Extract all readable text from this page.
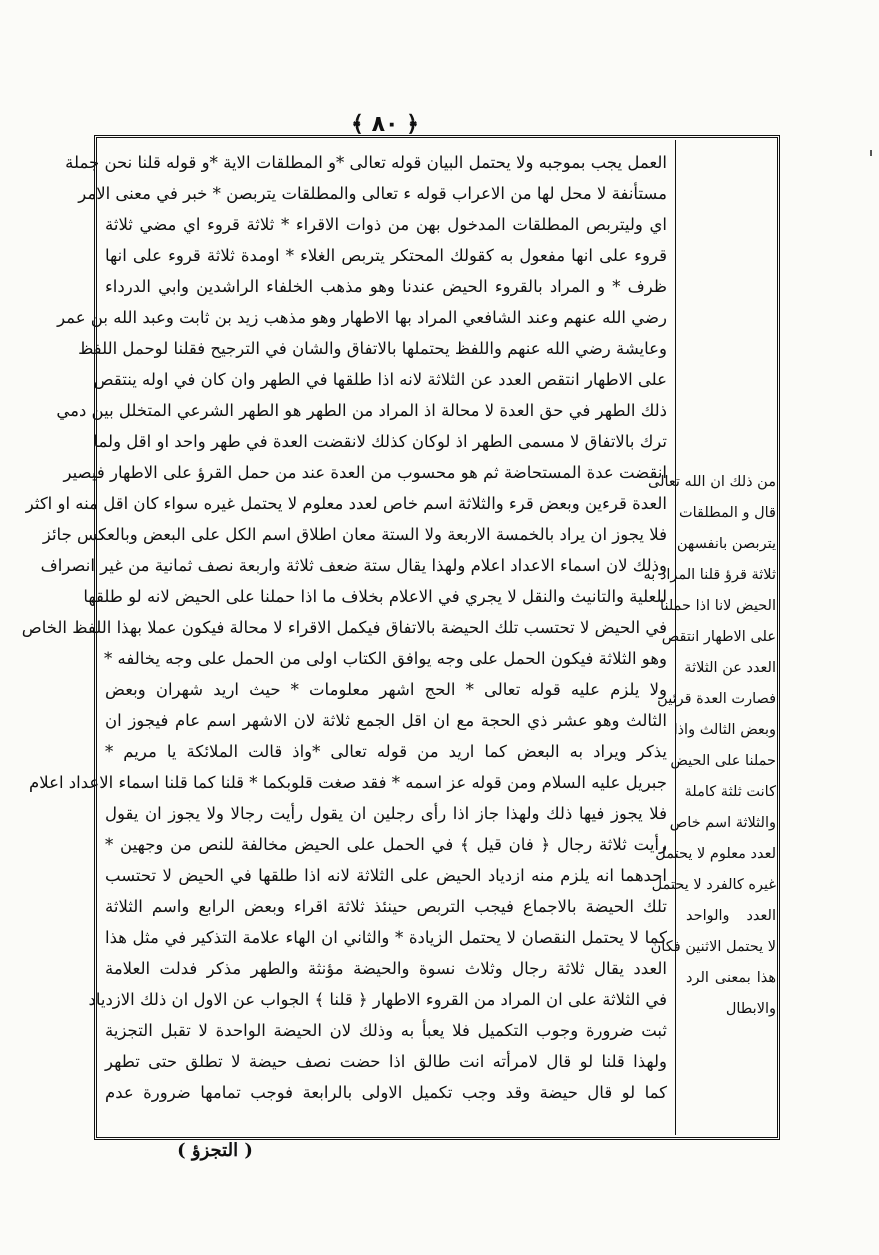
﴿ ٨٠ ﴾
العمل يجب بموجبه ولا يحتمل البيان قوله تعالى *و المطلقات الاية *و قوله قلنا نحن جملة
مستأنفة لا محل لها من الاعراب قوله ء تعالى والمطلقات يتربصن * خبر في معنى الامر
اي وليتربص المطلقات المدخول بهن من ذوات الاقراء * ثلاثة قروء اي مضي ثلاثة
قروء على انها مفعول به كقولك المحتكر يتربص الغلاء * اومدة ثلاثة قروء على انها
ظرف * و المراد بالقروء الحيض عندنا وهو مذهب الخلفاء الراشدين وابي الدرداء
رضي الله عنهم وعند الشافعي المراد بها الاطهار وهو مذهب زيد بن ثابت وعبد الله بن عمر
وعايشة رضي الله عنهم واللفظ يحتملها بالاتفاق والشان في الترجيح فقلنا لوحمل اللفظ
على الاطهار انتقص العدد عن الثلاثة لانه اذا طلقها في الطهر وان كان في اوله ينتقص
ذلك الطهر في حق العدة لا محالة اذ المراد من الطهر هو الطهر الشرعي المتخلل بين دمي
ترك بالاتفاق لا مسمى الطهر اذ لوكان كذلك لانقضت العدة في طهر واحد او اقل ولما
انقضت عدة المستحاضة ثم هو محسوب من العدة عند من حمل القرؤ على الاطهار فيصير
العدة قرءين وبعض قرء والثلاثة اسم خاص لعدد معلوم لا يحتمل غيره سواء كان اقل منه او اكثر
فلا يجوز ان يراد بالخمسة الاربعة ولا الستة معان اطلاق اسم الكل على البعض وبالعكس جائز
وذلك لان اسماء الاعداد اعلام ولهذا يقال ستة ضعف ثلاثة واربعة نصف ثمانية من غير انصراف
للعلية والتانيث والنقل لا يجري في الاعلام بخلاف ما اذا حملنا على الحيض لانه لو طلقها
في الحيض لا تحتسب تلك الحيضة بالاتفاق فيكمل الاقراء لا محالة فيكون عملا بهذا اللفظ الخاص
وهو الثلاثة فيكون الحمل على وجه يوافق الكتاب اولى من الحمل على وجه يخالفه *
ولا يلزم عليه قوله تعالى * الحج اشهر معلومات * حيث اريد شهران وبعض
الثالث وهو عشر ذي الحجة مع ان اقل الجمع ثلاثة لان الاشهر اسم عام فيجوز ان
يذكر ويراد به البعض كما اريد من قوله تعالى *واذ قالت الملائكة يا مريم *
جبريل عليه السلام ومن قوله عز اسمه * فقد صغت قلوبكما * قلنا كما قلنا اسماء الاعداد اعلام
فلا يجوز فيها ذلك ولهذا جاز اذا رأى رجلين ان يقول رأيت رجالا ولا يجوز ان يقول
رأيت ثلاثة رجال ﴿ فان قيل ﴾ في الحمل على الحيض مخالفة للنص من وجهين *
احدهما انه يلزم منه ازدياد الحيض على الثلاثة لانه اذا طلقها في الحيض لا تحتسب
تلك الحيضة بالاجماع فيجب التربص حينئذ ثلاثة اقراء وبعض الرابع واسم الثلاثة
كما لا يحتمل النقصان لا يحتمل الزيادة * والثاني ان الهاء علامة التذكير في مثل هذا
العدد يقال ثلاثة رجال وثلاث نسوة والحيضة مؤنثة والطهر مذكر فدلت العلامة
في الثلاثة على ان المراد من القروء الاطهار ﴿ قلنا ﴾ الجواب عن الاول ان ذلك الازدياد
ثبت ضرورة وجوب التكميل فلا يعبأ به وذلك لان الحيضة الواحدة لا تقبل التجزية
ولهذا قلنا لو قال لامرأته انت طالق اذا حضت نصف حيضة لا تطلق حتى تطهر
كما لو قال حيضة وقد وجب تكميل الاولى بالرابعة فوجب تمامها ضرورة عدم
من ذلك ان الله تعالى
قال و المطلقات
يتربصن بانفسهن
ثلاثة قرؤ قلنا المراد به
الحيض لانا اذا حملنا
على الاطهار انتقص
العدد عن الثلاثة
فصارت العدة قرئين
وبعض الثالث واذا
حملنا على الحيض
كانت ثلثة كاملة
والثلاثة اسم خاص
لعدد معلوم لا يحتمل
غيره كالفرد لا يحتمل
العدد والواحد
لا يحتمل الاثنين فكان
هذا بمعنى الرد
والابطال
( التجزؤ )
